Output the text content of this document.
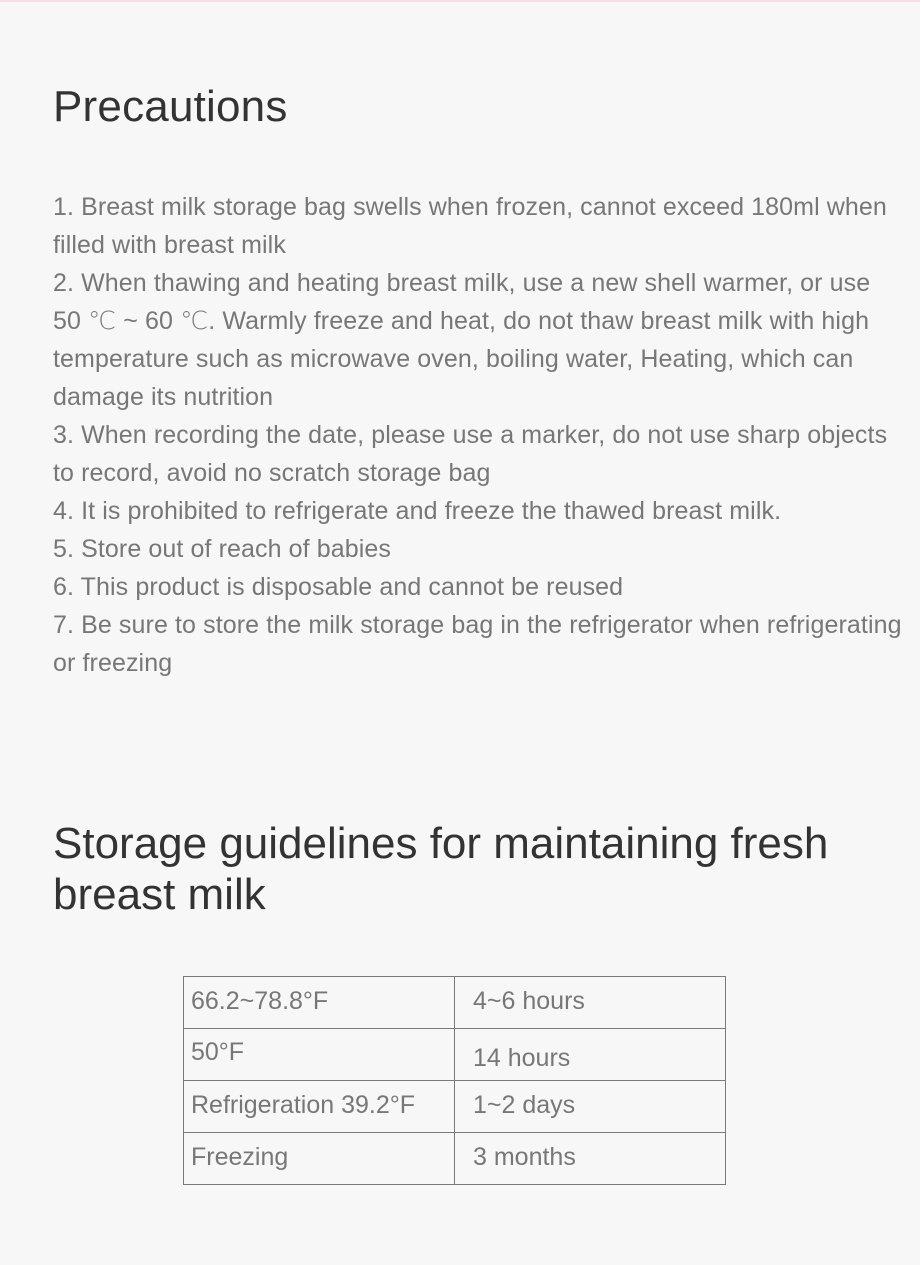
Precautions
1. Breast milk storage bag swells when frozen, cannot exceed 180ml when filled with breast milk
2. When thawing and heating breast milk, use a new shell warmer, or use 50 ℃ ~ 60 ℃. Warmly freeze and heat, do not thaw breast milk with high temperature such as microwave oven, boiling water, Heating, which can damage its nutrition
3. When recording the date, please use a marker, do not use sharp objects to record, avoid no scratch storage bag
4. It is prohibited to refrigerate and freeze the thawed breast milk.
5. Store out of reach of babies
6. This product is disposable and cannot be reused
7. Be sure to store the milk storage bag in the refrigerator when refrigerating or freezing
Storage guidelines for maintaining fresh breast milk
66.2~78.8°F	4~6 hours

50°F	14 hours

Refrigeration 39.2°F	1~2 days

Freezing	3 months
